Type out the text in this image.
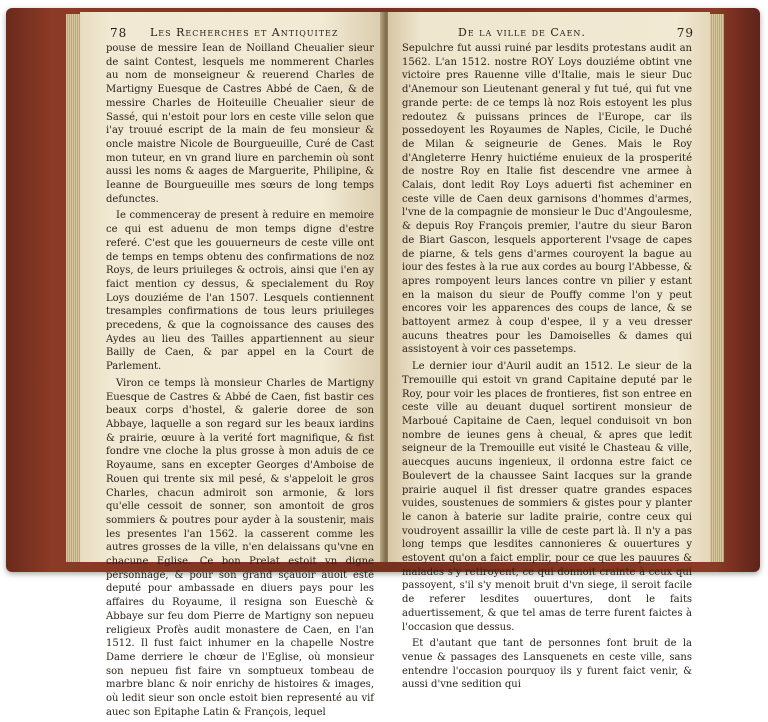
78 Les Recherches et Antiquitez

pouse de messire Iean de Noilland Cheualier sieur de saint Contest, lesquels me nommerent Charles au nom de monseigneur & reuerend Charles de Martigny Euesque de Castres Abbé de Caen, & de messire Charles de Hoiteuille Cheualier sieur de Sassé, qui n'estoit pour lors en ceste ville selon que i'ay trouué escript de la main de feu monsieur & oncle maistre Nicole de Bourgueuille, Curé de Cast mon tuteur, en vn grand liure en parchemin où sont aussi les noms & aages de Marguerite, Philipine, & Ieanne de Bourgueuille mes sœurs de long temps defunctes.

Ie commenceray de present à reduire en memoire ce qui est aduenu de mon temps digne d'estre referé. C'est que les gouuerneurs de ceste ville ont de temps en temps obtenu des confirmations de noz Roys, de leurs priuileges & octrois, ainsi que i'en ay faict mention cy dessus, & specialement du Roy Loys douziéme de l'an 1507. Lesquels contiennent tresamples confirmations de tous leurs priuileges precedens, & que la cognoissance des causes des Aydes au lieu des Tailles appartiennent au sieur Bailly de Caen, & par appel en la Court de Parlement.

Viron ce temps là monsieur Charles de Martigny Euesque de Castres & Abbé de Caen, fist bastir ces beaux corps d'hostel, & galerie doree de son Abbaye, laquelle a son regard sur les beaux iardins & prairie, œuure à la verité fort magnifique, & fist fondre vne cloche la plus grosse à mon aduis de ce Royaume, sans en excepter Georges d'Amboise de Rouen qui trente six mil pesé, & s'appeloit le gros Charles, chacun admiroit son armonie, & lors qu'elle cessoit de sonner, son amontoit de gros sommiers & poutres pour ayder à la soustenir, mais les presentes l'an 1562. la casserent comme les autres grosses de la ville, n'en delaissans qu'vne en chacune Eglise. Ce bon Prelat estoit vn digne personnage, & pour son grand sçauoir auoit esté deputé pour ambassade en diuers pays pour les affaires du Royaume, il resigna son Eueschè & Abbaye sur feu dom Pierre de Martigny son nepueu religieux Profès audit monastere de Caen, en l'an 1512. Il fust faict inhumer en la chapelle Nostre Dame derriere le chœur de l'Eglise, où monsieur son nepueu fist faire vn somptueux tombeau de marbre blanc & noir enrichy de histoires & images, où ledit sieur son oncle estoit bien representé au vif auec son Epitaphe Latin & François, lequel

De la ville de Caen.	79

Sepulchre fut aussi ruiné par lesdits protestans audit an 1562. L'an 1512. nostre ROY Loys douziéme obtint vne victoire pres Rauenne ville d'Italie, mais le sieur Duc d'Anemour son Lieutenant general y fut tué, qui fut vne grande perte: de ce temps là noz Rois estoyent les plus redoutez & puissans princes de l'Europe, car ils possedoyent les Royaumes de Naples, Cicile, le Duché de Milan & seigneurie de Genes. Mais le Roy d'Angleterre Henry huictiéme enuieux de la prosperité de nostre Roy en Italie fist descendre vne armee à Calais, dont ledit Roy Loys aduerti fist acheminer en ceste ville de Caen deux garnisons d'hommes d'armes, l'vne de la compagnie de monsieur le Duc d'Angoulesme, & depuis Roy François premier, l'autre du sieur Baron de Biart Gascon, lesquels apporterent l'vsage de capes de piarne, & tels gens d'armes couroyent la bague au iour des festes à la rue aux cordes au bourg l'Abbesse, & apres rompoyent leurs lances contre vn pilier y estant en la maison du sieur de Pouffy comme l'on y peut encores voir les apparences des coups de lance, & se battoyent armez à coup d'espee, il y a veu dresser aucuns theatres pour les Damoiselles & dames qui assistoyent à voir ces passetemps.

Le dernier iour d'Auril audit an 1512. Le sieur de la Tremouille qui estoit vn grand Capitaine deputé par le Roy, pour voir les places de frontieres, fist son entree en ceste ville au deuant duquel sortirent monsieur de Marboué Capitaine de Caen, lequel conduisoit vn bon nombre de ieunes gens à cheual, & apres que ledit seigneur de la Tremouille eut visité le Chasteau & ville, auecques aucuns ingenieux, il ordonna estre faict ce Boulevert de la chaussee Saint Iacques sur la grande prairie auquel il fist dresser quatre grandes espaces vuides, soustenues de sommiers & gistes pour y planter le canon à baterie sur ladite prairie, contre ceux qui voudroyent assaillir la ville de ceste part là. Il n'y a pas long temps que lesdites cannonieres & ouuertures y estoyent qu'on a faict emplir, pour ce que les pauures & malades s'y retiroyent, ce qui donnoit crainte à ceux qui passoyent, s'il s'y menoit bruit d'vn siege, il seroit facile de referer lesdites ouuertures, dont le faits aduertissement, & que tel amas de terre furent faictes à l'occasion que dessus.

Et d'autant que tant de personnes font bruit de la venue & passages des Lansquenets en ceste ville, sans entendre l'occasion pourquoy ils y furent faict venir, & aussi d'vne sedition qui
